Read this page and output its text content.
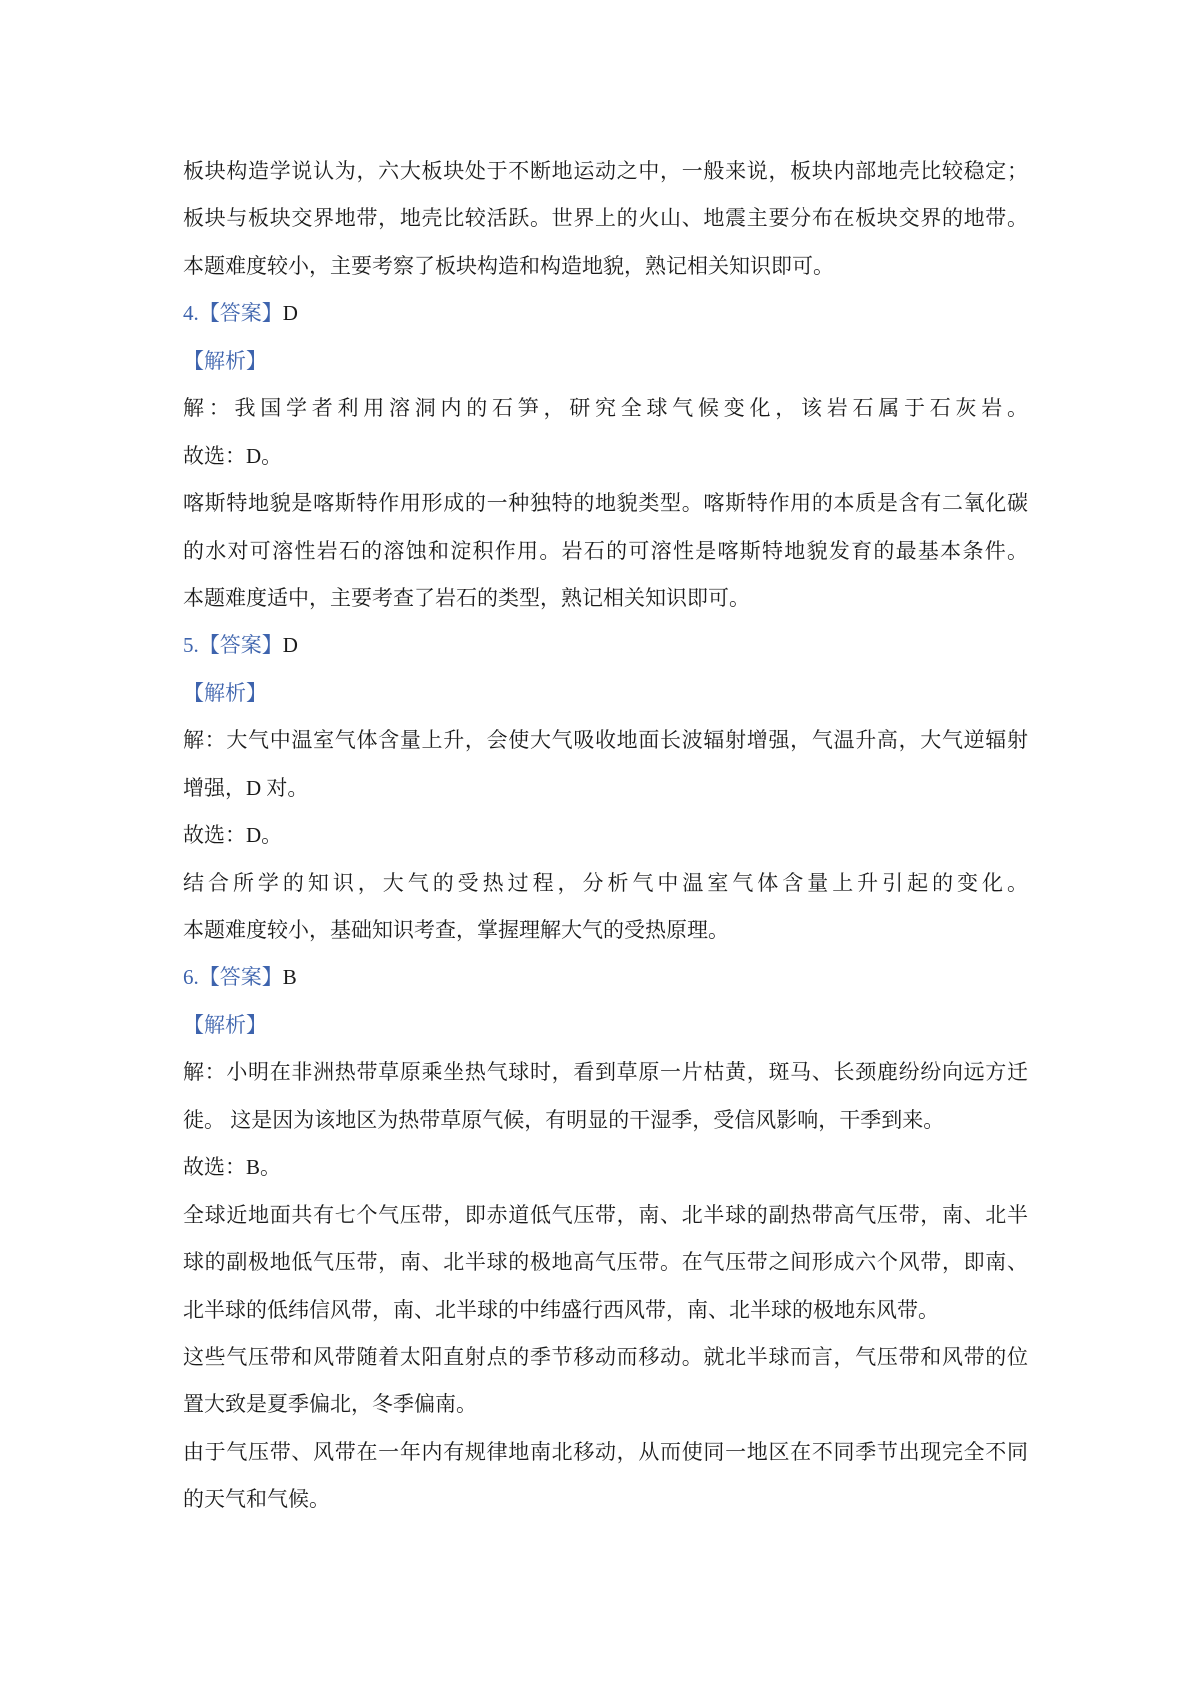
板块构造学说认为，六大板块处于不断地运动之中，一般来说，板块内部地壳比较稳定；
板块与板块交界地带，地壳比较活跃。世界上的火山、地震主要分布在板块交界的地带。
本题难度较小，主要考察了板块构造和构造地貌，熟记相关知识即可。
4.【答案】D
【解析】
解：我国学者利用溶洞内的石笋，研究全球气候变化，该岩石属于石灰岩。
故选：D。
喀斯特地貌是喀斯特作用形成的一种独特的地貌类型。喀斯特作用的本质是含有二氧化碳
的水对可溶性岩石的溶蚀和淀积作用。岩石的可溶性是喀斯特地貌发育的最基本条件。
本题难度适中，主要考查了岩石的类型，熟记相关知识即可。
5.【答案】D
【解析】
解：大气中温室气体含量上升，会使大气吸收地面长波辐射增强，气温升高，大气逆辐射
增强，D 对。
故选：D。
结合所学的知识，大气的受热过程，分析气中温室气体含量上升引起的变化。
本题难度较小，基础知识考查，掌握理解大气的受热原理。
6.【答案】B
【解析】
解：小明在非洲热带草原乘坐热气球时，看到草原一片枯黄，斑马、长颈鹿纷纷向远方迁
徙。 这是因为该地区为热带草原气候，有明显的干湿季，受信风影响，干季到来。
故选：B。
全球近地面共有七个气压带，即赤道低气压带，南、北半球的副热带高气压带，南、北半
球的副极地低气压带，南、北半球的极地高气压带。在气压带之间形成六个风带，即南、
北半球的低纬信风带，南、北半球的中纬盛行西风带，南、北半球的极地东风带。
这些气压带和风带随着太阳直射点的季节移动而移动。就北半球而言，气压带和风带的位
置大致是夏季偏北，冬季偏南。
由于气压带、风带在一年内有规律地南北移动，从而使同一地区在不同季节出现完全不同
的天气和气候。
